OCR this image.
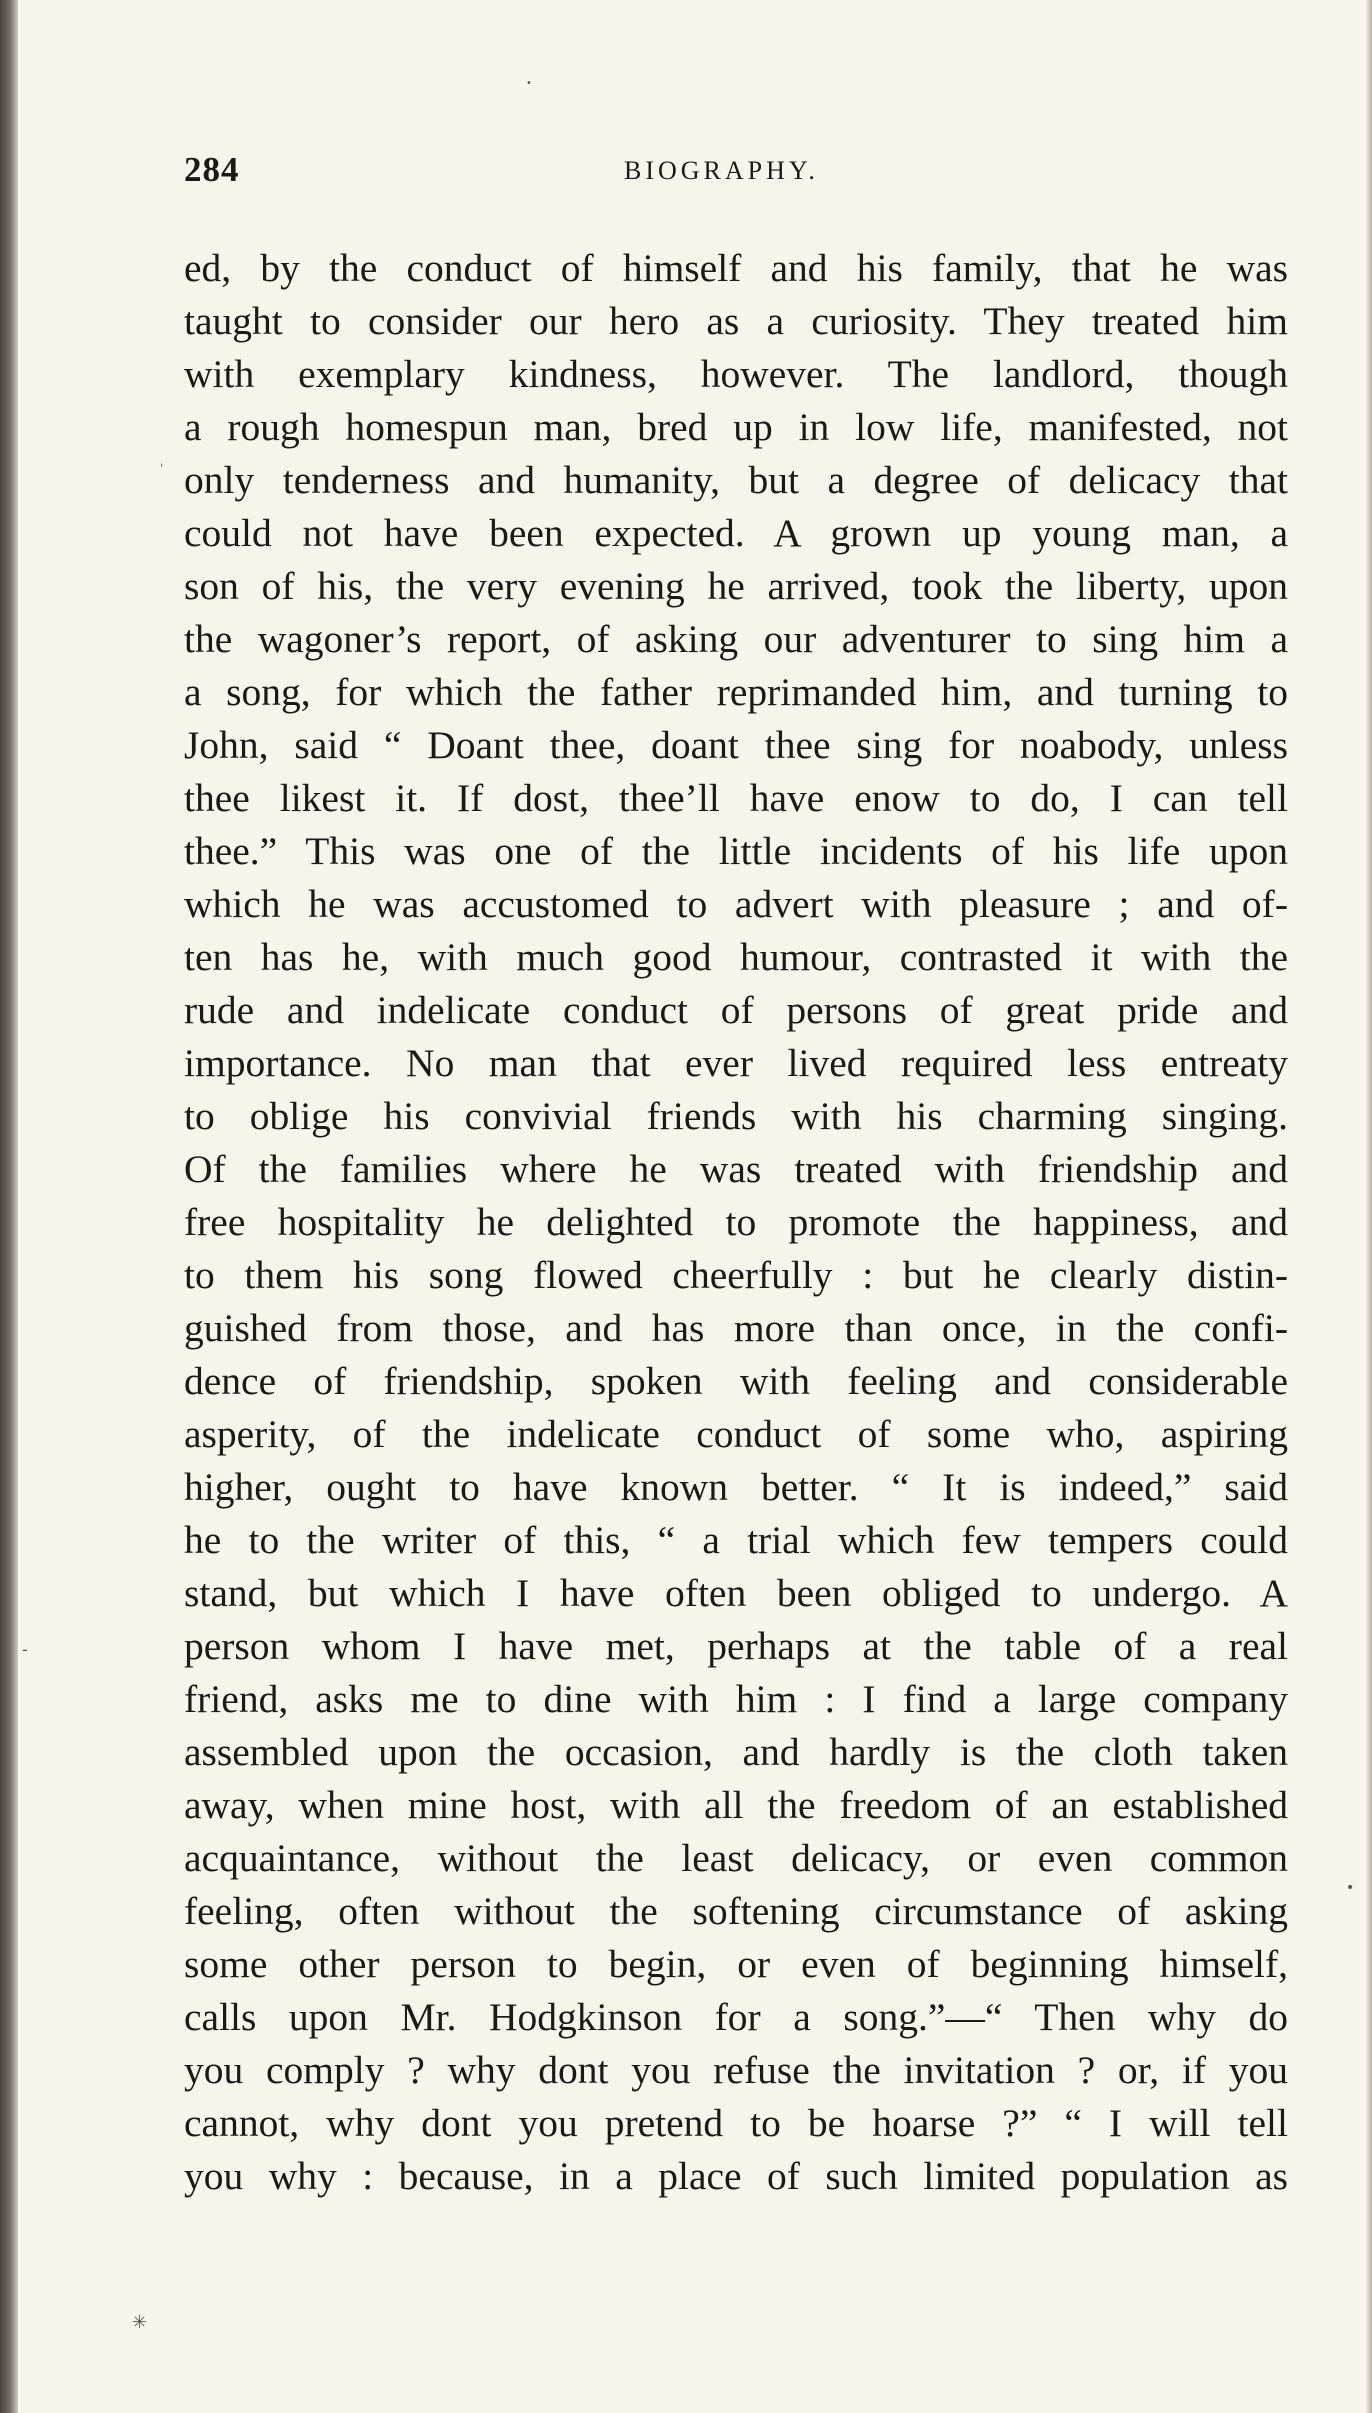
•
ˈ
-
•
✳
284	BIOGRAPHY.
ed, by the conduct of himself and his family, that he was
taught to consider our hero as a curiosity. They treated him
with exemplary kindness, however. The landlord, though
a rough homespun man, bred up in low life, manifested, not
only tenderness and humanity, but a degree of delicacy that
could not have been expected. A grown up young man, a
son of his, the very evening he arrived, took the liberty, upon
the wagoner’s report, of asking our adventurer to sing him a
a song, for which the father reprimanded him, and turning to
John, said “ Doant thee, doant thee sing for noabody, unless
thee likest it. If dost, thee’ll have enow to do, I can tell
thee.” This was one of the little incidents of his life upon
which he was accustomed to advert with pleasure ; and of-
ten has he, with much good humour, contrasted it with the
rude and indelicate conduct of persons of great pride and
importance. No man that ever lived required less entreaty
to oblige his convivial friends with his charming singing.
Of the families where he was treated with friendship and
free hospitality he delighted to promote the happiness, and
to them his song flowed cheerfully : but he clearly distin-
guished from those, and has more than once, in the confi-
dence of friendship, spoken with feeling and considerable
asperity, of the indelicate conduct of some who, aspiring
higher, ought to have known better. “ It is indeed,” said
he to the writer of this, “ a trial which few tempers could
stand, but which I have often been obliged to undergo. A
person whom I have met, perhaps at the table of a real
friend, asks me to dine with him : I find a large company
assembled upon the occasion, and hardly is the cloth taken
away, when mine host, with all the freedom of an established
acquaintance, without the least delicacy, or even common
feeling, often without the softening circumstance of asking
some other person to begin, or even of beginning himself,
calls upon Mr. Hodgkinson for a song.”—“ Then why do
you comply ? why dont you refuse the invitation ? or, if you
cannot, why dont you pretend to be hoarse ?” “ I will tell
you why : because, in a place of such limited population as
